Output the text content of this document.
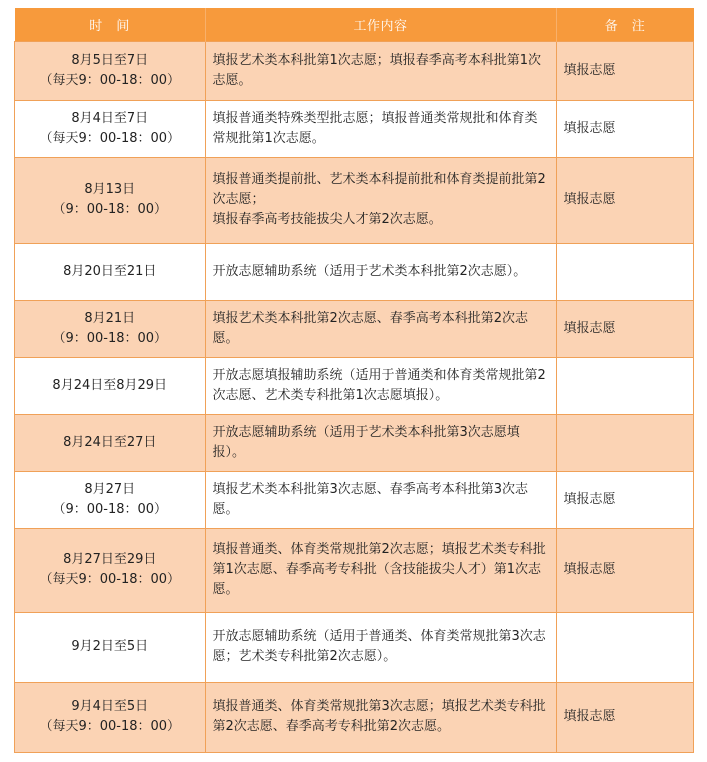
时　间	工作内容	备　注

8月5日至7日
（每天9：00-18：00）	填报艺术类本科批第1次志愿；填报春季高考本科批第1次志愿。	填报志愿

8月4日至7日
（每天9：00-18：00）	填报普通类特殊类型批志愿；填报普通类常规批和体育类常规批第1次志愿。	填报志愿

8月13日
（9：00-18：00）	填报普通类提前批、艺术类本科提前批和体育类提前批第2次志愿；
填报春季高考技能拔尖人才第2次志愿。	填报志愿

8月20日至21日	开放志愿辅助系统（适用于艺术类本科批第2次志愿）。	

8月21日
（9：00-18：00）	填报艺术类本科批第2次志愿、春季高考本科批第2次志愿。	填报志愿

8月24日至8月29日	开放志愿填报辅助系统（适用于普通类和体育类常规批第2次志愿、艺术类专科批第1次志愿填报）。	

8月24日至27日	开放志愿辅助系统（适用于艺术类本科批第3次志愿填报）。	

8月27日
（9：00-18：00）	填报艺术类本科批第3次志愿、春季高考本科批第3次志愿。	填报志愿

8月27日至29日
（每天9：00-18：00）	填报普通类、体育类常规批第2次志愿；填报艺术类专科批第1次志愿、春季高考专科批（含技能拔尖人才）第1次志愿。	填报志愿

9月2日至5日	开放志愿辅助系统（适用于普通类、体育类常规批第3次志愿；艺术类专科批第2次志愿）。	

9月4日至5日
（每天9：00-18：00）	填报普通类、体育类常规批第3次志愿；填报艺术类专科批第2次志愿、春季高考专科批第2次志愿。	填报志愿
